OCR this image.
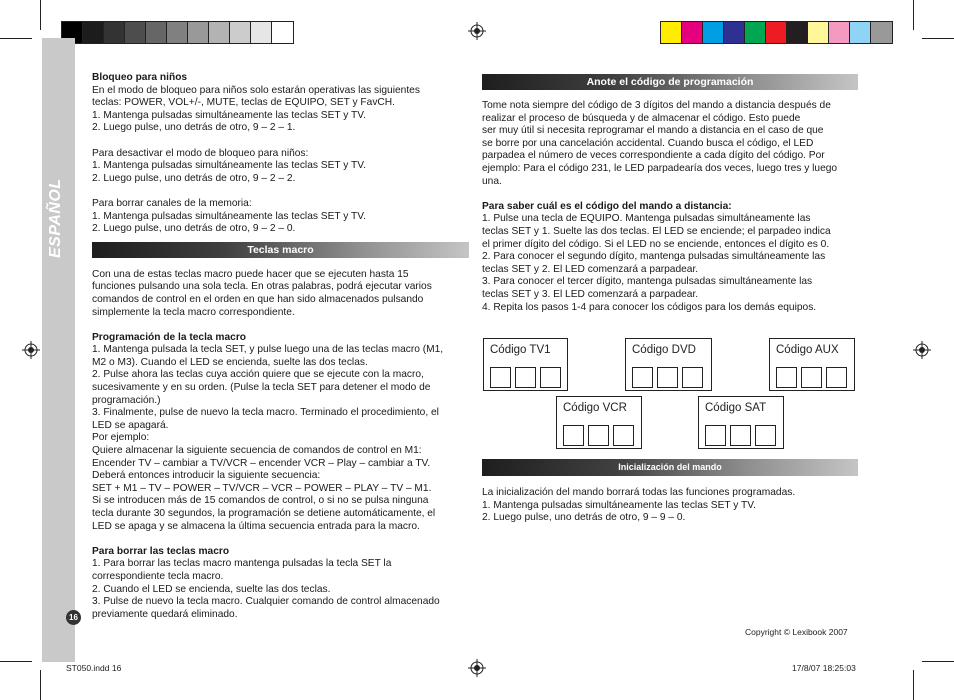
ESPAÑOL
16

Bloqueo para niños

En el modo de bloqueo para niños solo estarán operativas las siguientes

teclas: POWER, VOL+/-, MUTE, teclas de EQUIPO, SET y FavCH.

1. Mantenga pulsadas simultáneamente las teclas SET y TV.

2. Luego pulse, uno detrás de otro, 9 – 2 – 1.

Para desactivar el modo de bloqueo para niños:

1. Mantenga pulsadas simultáneamente las teclas SET y TV.

2. Luego pulse, uno detrás de otro, 9 – 2 – 2.

Para borrar canales de la memoria:

1. Mantenga pulsadas simultáneamente las teclas SET y TV.

2. Luego pulse, uno detrás de otro, 9 – 2 – 0.

Teclas macro

Con una de estas teclas macro puede hacer que se ejecuten hasta 15

funciones pulsando una sola tecla. En otras palabras, podrá ejecutar varios

comandos de control en el orden en que han sido almacenados pulsando

simplemente la tecla macro correspondiente.

Programación de la tecla macro

1. Mantenga pulsada la tecla SET, y pulse luego una de las teclas macro (M1,

M2 o M3). Cuando el LED se encienda, suelte las dos teclas.

2. Pulse ahora las teclas cuya acción quiere que se ejecute con la macro,

sucesivamente y en su orden. (Pulse la tecla SET para detener el modo de

programación.)

3. Finalmente, pulse de nuevo la tecla macro. Terminado el procedimiento, el

LED se apagará.

Por ejemplo:

Quiere almacenar la siguiente secuencia de comandos de control en M1:

Encender TV – cambiar a TV/VCR – encender VCR – Play – cambiar a TV.

Deberá entonces introducir la siguiente secuencia:

SET + M1 – TV – POWER – TV/VCR – VCR – POWER – PLAY – TV – M1.

Si se introducen más de 15 comandos de control, o si no se pulsa ninguna

tecla durante 30 segundos, la programación se detiene automáticamente, el

LED se apaga y se almacena la última secuencia entrada para la macro.

Para borrar las teclas macro

1. Para borrar las teclas macro mantenga pulsadas la tecla SET la

correspondiente tecla macro.

2. Cuando el LED se encienda, suelte las dos teclas.

3. Pulse de nuevo la tecla macro. Cualquier comando de control almacenado

previamente quedará eliminado.

Anote el código de programación

Tome nota siempre del código de 3 dígitos del mando a distancia después de

realizar el proceso de búsqueda y de almacenar el código. Esto puede

ser muy útil si necesita reprogramar el mando a distancia en el caso de que

se borre por una cancelación accidental. Cuando busca el código, el LED

parpadea el número de veces correspondiente a cada dígito del código. Por

ejemplo: Para el código 231, le LED parpadearía dos veces, luego tres y luego

una.

Para saber cuál es el código del mando a distancia:

1. Pulse una tecla de EQUIPO. Mantenga pulsadas simultáneamente las

teclas SET y 1. Suelte las dos teclas. El LED se enciende; el parpadeo indica

el primer dígito del código. Si el LED no se enciende, entonces el dígito es 0.

2. Para conocer el segundo dígito, mantenga pulsadas simultáneamente las

teclas SET y 2. El LED comenzará a parpadear.

3. Para conocer el tercer dígito, mantenga pulsadas simultáneamente las

teclas SET y 3. El LED comenzará a parpadear.

4. Repita los pasos 1-4 para conocer los códigos para los demás equipos.

Código TV1	Código DVD	Código AUX
Código VCR	Código SAT
Inicialización del mando

La inicialización del mando borrará todas las funciones programadas.

1. Mantenga pulsadas simultáneamente las teclas SET y TV.

2. Luego pulse, uno detrás de otro, 9 – 9 – 0.

Copyright © Lexibook 2007
ST050.indd 16	17/8/07 18:25:03
